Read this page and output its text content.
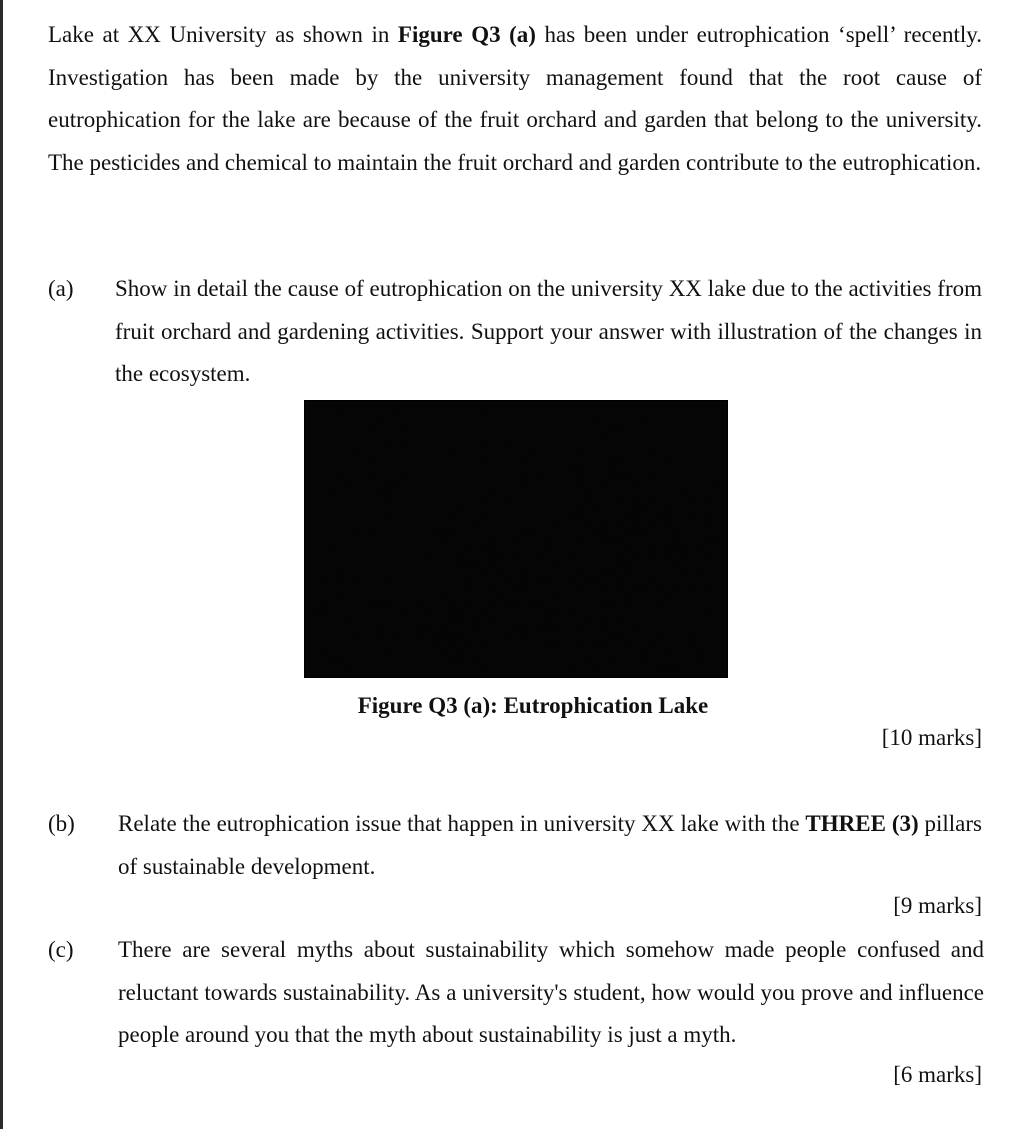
Lake at XX University as shown in Figure Q3 (a) has been under eutrophication ‘spell’ recently. Investigation has been made by the university management found that the root cause of eutrophication for the lake are because of the fruit orchard and garden that belong to the university. The pesticides and chemical to maintain the fruit orchard and garden contribute to the eutrophication.

(a) Show in detail the cause of eutrophication on the university XX lake due to the activities from fruit orchard and gardening activities. Support your answer with illustration of the changes in the ecosystem.

Figure Q3 (a): Eutrophication Lake
[10 marks]
(b) Relate the eutrophication issue that happen in university XX lake with the THREE (3) pillars of sustainable development.

[9 marks]
(c) There are several myths about sustainability which somehow made people confused and reluctant towards sustainability. As a university's student, how would you prove and influence people around you that the myth about sustainability is just a myth.

[6 marks]
